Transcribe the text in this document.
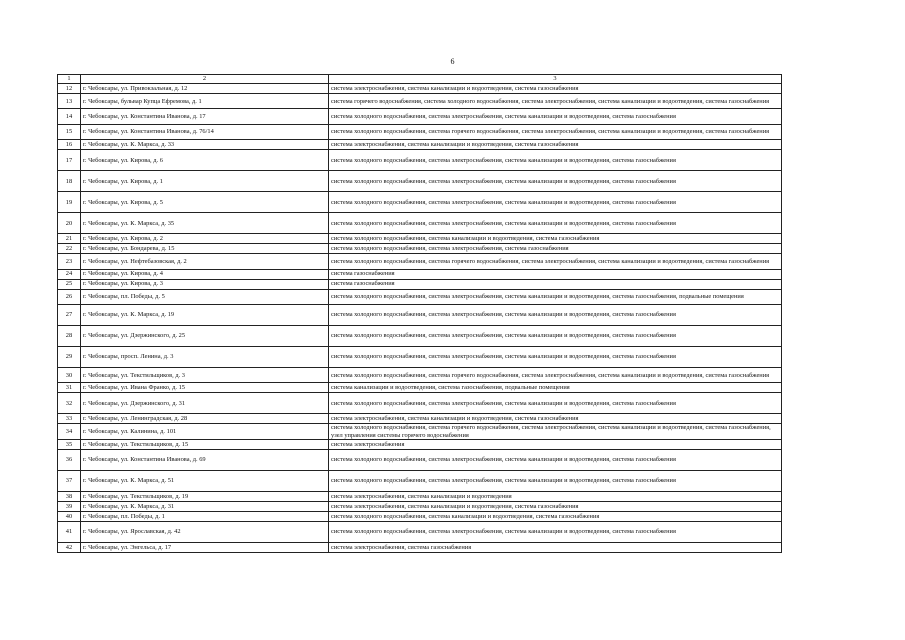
6
1	2	3
12	г. Чебоксары, ул. Привокзальная, д. 12	система электроснабжения, система канализации и водоотведения, система газоснабжения
13	г. Чебоксары, бульвар Купца Ефремова, д. 1	система горячего водоснабжения, система холодного водоснабжения, система электроснабжения, система канализации и водоотведения, система газоснабжения
14	г. Чебоксары, ул. Константина Иванова, д. 17	система холодного водоснабжения, система электроснабжения, система канализации и водоотведения, система газоснабжения
15	г. Чебоксары, ул. Константина Иванова, д. 76/14	система холодного водоснабжения, система горячего водоснабжения, система электроснабжения, система канализации и водоотведения, система газоснабжения
16	г. Чебоксары, ул. К. Маркса, д. 33	система электроснабжения, система канализации и водоотведения, система газоснабжения
17	г. Чебоксары, ул. Кирова, д. 6	система холодного водоснабжения, система электроснабжения, система канализации и водоотведения, система газоснабжения
18	г. Чебоксары, ул. Кирова, д. 1	система холодного водоснабжения, система электроснабжения, система канализации и водоотведения, система газоснабжения
19	г. Чебоксары, ул. Кирова, д. 5	система холодного водоснабжения, система электроснабжения, система канализации и водоотведения, система газоснабжения
20	г. Чебоксары, ул. К. Маркса, д. 35	система холодного водоснабжения, система электроснабжения, система канализации и водоотведения, система газоснабжения
21	г. Чебоксары, ул. Кирова, д. 2	система холодного водоснабжения, система канализации и водоотведения, система газоснабжения
22	г. Чебоксары, ул. Бондарева, д. 15	система холодного водоснабжения, система электроснабжения, система газоснабжения
23	г. Чебоксары, ул. Нефтебазовская, д. 2	система холодного водоснабжения, система горячего водоснабжения, система электроснабжения, система канализации и водоотведения, система газоснабжения
24	г. Чебоксары, ул. Кирова, д. 4	система газоснабжения
25	г. Чебоксары, ул. Кирова, д. 3	система газоснабжения
26	г. Чебоксары, пл. Победы, д. 5	система холодного водоснабжения, система электроснабжения, система канализации и водоотведения, система газоснабжения, подвальные помещения
27	г. Чебоксары, ул. К. Маркса, д. 19	система холодного водоснабжения, система электроснабжения, система канализации и водоотведения, система газоснабжения
28	г. Чебоксары, ул. Дзержинского, д. 25	система холодного водоснабжения, система электроснабжения, система канализации и водоотведения, система газоснабжения
29	г. Чебоксары, просп. Ленина, д. 3	система холодного водоснабжения, система электроснабжения, система канализации и водоотведения, система газоснабжения
30	г. Чебоксары, ул. Текстильщиков, д. 3	система холодного водоснабжения, система горячего водоснабжения, система электроснабжения, система канализации и водоотведения, система газоснабжения
31	г. Чебоксары, ул. Ивана Франко, д. 15	система канализации и водоотведения, система газоснабжения, подвальные помещения
32	г. Чебоксары, ул. Дзержинского, д. 31	система холодного водоснабжения, система электроснабжения, система канализации и водоотведения, система газоснабжения
33	г. Чебоксары, ул. Ленинградская, д. 28	система электроснабжения, система канализации и водоотведения, система газоснабжения
34	г. Чебоксары, ул. Калинина, д. 101	система холодного водоснабжения, система горячего водоснабжения, система электроснабжения, система канализации и водоотведения, система газоснабжения, узел управления системы горячего водоснабжения
35	г. Чебоксары, ул. Текстильщиков, д. 15	система электроснабжения
36	г. Чебоксары, ул. Константина Иванова, д. 69	система холодного водоснабжения, система электроснабжения, система канализации и водоотведения, система газоснабжения
37	г. Чебоксары, ул. К. Маркса, д. 51	система холодного водоснабжения, система электроснабжения, система канализации и водоотведения, система газоснабжения
38	г. Чебоксары, ул. Текстильщиков, д. 19	система электроснабжения, система канализации и водоотведения
39	г. Чебоксары, ул. К. Маркса, д. 31	система электроснабжения, система канализации и водоотведения, система газоснабжения
40	г. Чебоксары, пл. Победы, д. 1	система холодного водоснабжения, система канализации и водоотведения, система газоснабжения
41	г. Чебоксары, ул. Ярославская, д. 42	система холодного водоснабжения, система электроснабжения, система канализации и водоотведения, система газоснабжения
42	г. Чебоксары, ул. Энгельса, д. 17	система электроснабжения, система газоснабжения
